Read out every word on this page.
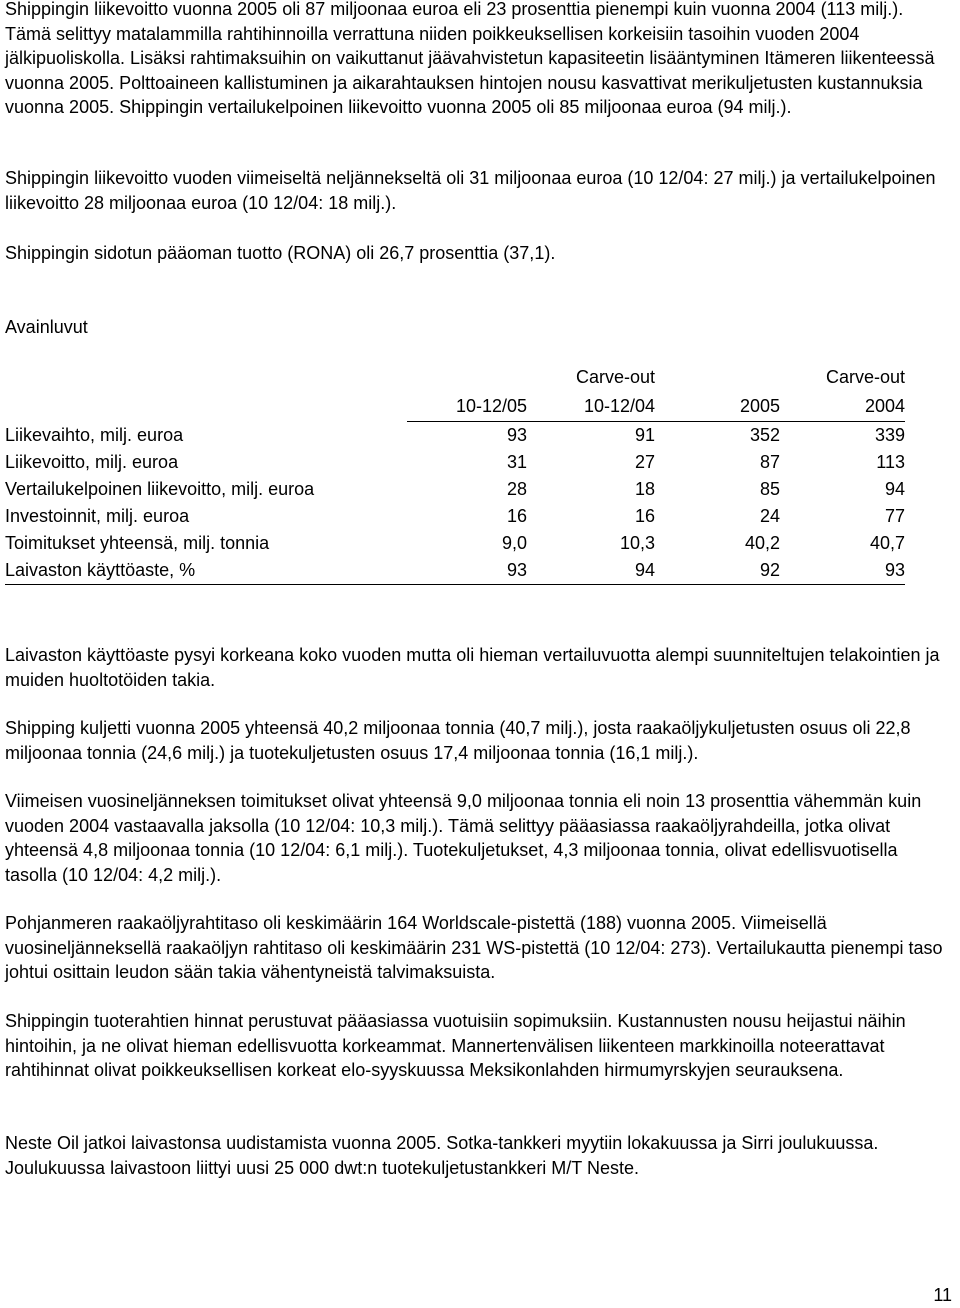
Shippingin liikevoitto vuonna 2005 oli 87 miljoonaa euroa eli 23 prosenttia pienempi kuin vuonna 2004 (113 milj.). Tämä selittyy matalammilla rahtihinnoilla verrattuna niiden poikkeuksellisen korkeisiin tasoihin vuoden 2004 jälkipuoliskolla. Lisäksi rahtimaksuihin on vaikuttanut jäävahvistetun kapasiteetin lisääntyminen Itämeren liikenteessä vuonna 2005. Polttoaineen kallistuminen ja aikarahtauksen hintojen nousu kasvattivat merikuljetusten kustannuksia vuonna 2005. Shippingin vertailukelpoinen liikevoitto vuonna 2005 oli 85 miljoonaa euroa (94 milj.).

Shippingin liikevoitto vuoden viimeiseltä neljännekseltä oli 31 miljoonaa euroa (10 12/04: 27 milj.) ja vertailukelpoinen liikevoitto 28 miljoonaa euroa (10 12/04: 18 milj.).

Shippingin sidotun pääoman tuotto (RONA) oli 26,7 prosenttia (37,1).

Avainluvut

		Carve-out		Carve-out
	10-12/05	10-12/04	2005	2004
Liikevaihto, milj. euroa	93	91	352	339
Liikevoitto, milj. euroa	31	27	87	113
Vertailukelpoinen liikevoitto, milj. euroa	28	18	85	94
Investoinnit, milj. euroa	16	16	24	77
Toimitukset yhteensä, milj. tonnia	9,0	10,3	40,2	40,7
Laivaston käyttöaste, %	93	94	92	93

Laivaston käyttöaste pysyi korkeana koko vuoden mutta oli hieman vertailuvuotta alempi suunniteltujen telakointien ja muiden huoltotöiden takia.

Shipping kuljetti vuonna 2005 yhteensä 40,2 miljoonaa tonnia (40,7 milj.), josta raakaöljykuljetusten osuus oli 22,8 miljoonaa tonnia (24,6 milj.) ja tuotekuljetusten osuus 17,4 miljoonaa tonnia (16,1 milj.).

Viimeisen vuosineljänneksen toimitukset olivat yhteensä 9,0 miljoonaa tonnia eli noin 13 prosenttia vähemmän kuin vuoden 2004 vastaavalla jaksolla (10 12/04: 10,3 milj.). Tämä selittyy pääasiassa raakaöljyrahdeilla, jotka olivat yhteensä 4,8 miljoonaa tonnia (10 12/04: 6,1 milj.). Tuotekuljetukset, 4,3 miljoonaa tonnia, olivat edellisvuotisella tasolla (10 12/04: 4,2 milj.).

Pohjanmeren raakaöljyrahtitaso oli keskimäärin 164 Worldscale-pistettä (188) vuonna 2005. Viimeisellä vuosineljänneksellä raakaöljyn rahtitaso oli keskimäärin 231 WS-pistettä (10 12/04: 273). Vertailukautta pienempi taso johtui osittain leudon sään takia vähentyneistä talvimaksuista.

Shippingin tuoterahtien hinnat perustuvat pääasiassa vuotuisiin sopimuksiin. Kustannusten nousu heijastui näihin hintoihin, ja ne olivat hieman edellisvuotta korkeammat. Mannertenvälisen liikenteen markkinoilla noteerattavat rahtihinnat olivat poikkeuksellisen korkeat elo-syyskuussa Meksikonlahden hirmumyrskyjen seurauksena.

Neste Oil jatkoi laivastonsa uudistamista vuonna 2005. Sotka-tankkeri myytiin lokakuussa ja Sirri joulukuussa. Joulukuussa laivastoon liittyi uusi 25 000 dwt:n tuotekuljetustankkeri M/T Neste.

11
